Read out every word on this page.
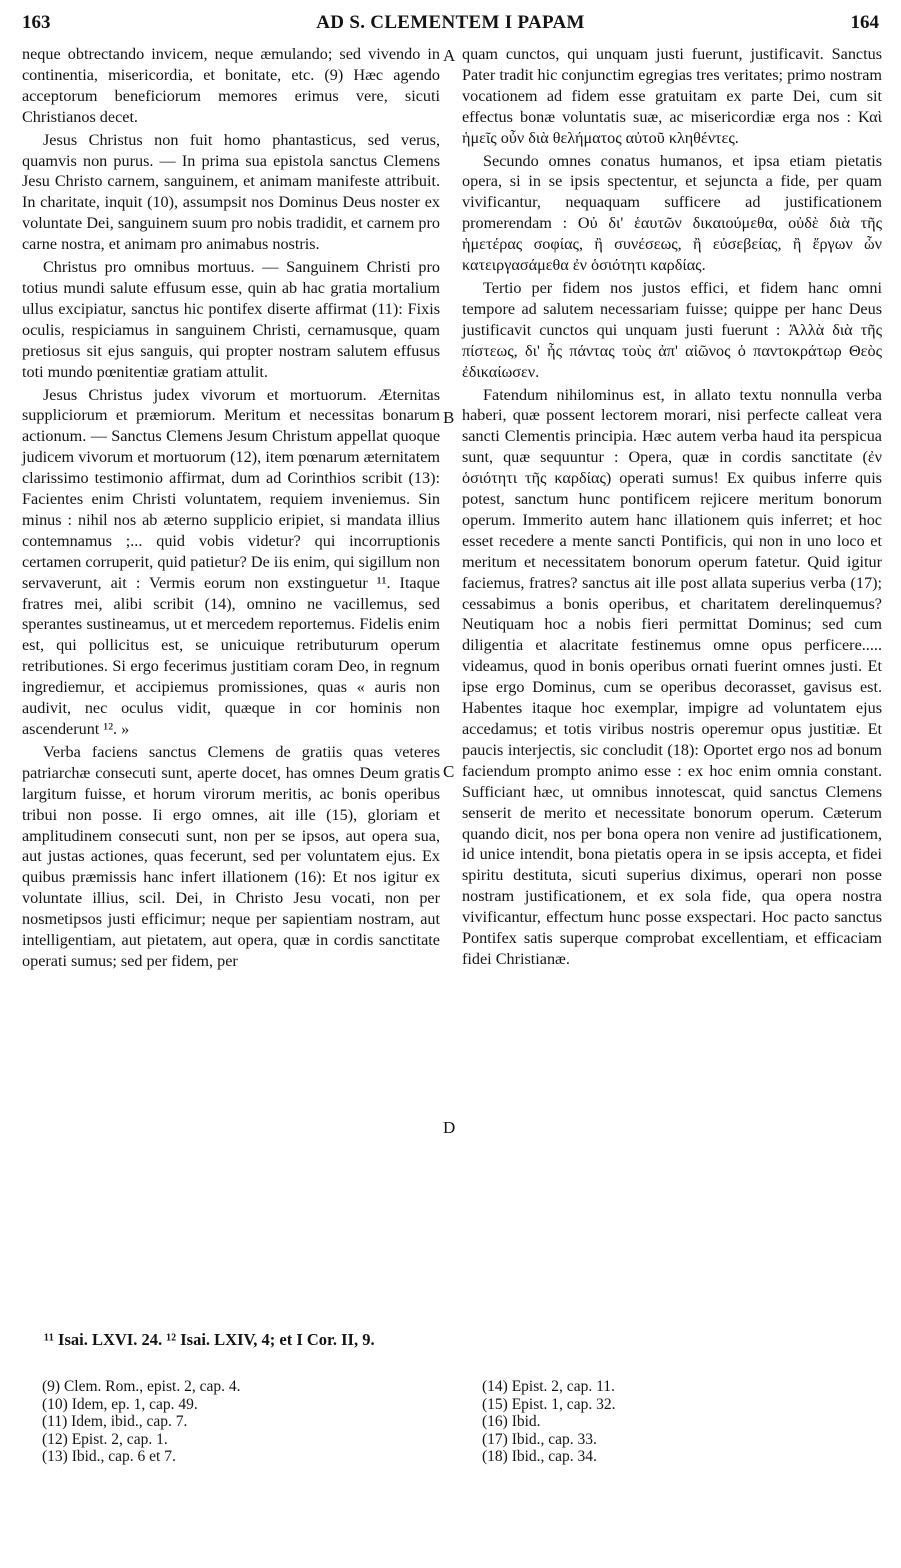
163	AD S. CLEMENTEM I PAPAM	164

neque obtrectando invicem, neque æmulando; sed vivendo in continentia, misericordia, et bonitate, etc. (9) Hæc agendo acceptorum beneficiorum memores erimus vere, sicuti Christianos decet.

Jesus Christus non fuit homo phantasticus, sed verus, quamvis non purus. — In prima sua epistola sanctus Clemens Jesu Christo carnem, sanguinem, et animam manifeste attribuit. In charitate, inquit (10), assumpsit nos Dominus Deus noster ex voluntate Dei, sanguinem suum pro nobis tradidit, et carnem pro carne nostra, et animam pro animabus nostris.

Christus pro omnibus mortuus. — Sanguinem Christi pro totius mundi salute effusum esse, quin ab hac gratia mortalium ullus excipiatur, sanctus hic pontifex diserte affirmat (11): Fixis oculis, respiciamus in sanguinem Christi, cernamusque, quam pretiosus sit ejus sanguis, qui propter nostram salutem effusus toti mundo pœnitentiæ gratiam attulit.

Jesus Christus judex vivorum et mortuorum. Æternitas suppliciorum et præmiorum. Meritum et necessitas bonarum actionum. — Sanctus Clemens Jesum Christum appellat quoque judicem vivorum et mortuorum (12), item pœnarum æternitatem clarissimo testimonio affirmat, dum ad Corinthios scribit (13): Facientes enim Christi voluntatem, requiem inveniemus. Sin minus : nihil nos ab æterno supplicio eripiet, si mandata illius contemnamus ;... quid vobis videtur? qui incorruptionis certamen corruperit, quid patietur? De iis enim, qui sigillum non servaverunt, ait : Vermis eorum non exstinguetur ¹¹. Itaque fratres mei, alibi scribit (14), omnino ne vacillemus, sed sperantes sustineamus, ut et mercedem reportemus. Fidelis enim est, qui pollicitus est, se unicuique retributurum operum retributiones. Si ergo fecerimus justitiam coram Deo, in regnum ingrediemur, et accipiemus promissiones, quas « auris non audivit, nec oculus vidit, quæque in cor hominis non ascenderunt ¹². »

Verba faciens sanctus Clemens de gratiis quas veteres patriarchæ consecuti sunt, aperte docet, has omnes Deum gratis largitum fuisse, et horum virorum meritis, ac bonis operibus tribui non posse. Ii ergo omnes, ait ille (15), gloriam et amplitudinem consecuti sunt, non per se ipsos, aut opera sua, aut justas actiones, quas fecerunt, sed per voluntatem ejus. Ex quibus præmissis hanc infert illationem (16): Et nos igitur ex voluntate illius, scil. Dei, in Christo Jesu vocati, non per nosmetipsos justi efficimur; neque per sapientiam nostram, aut intelligentiam, aut pietatem, aut opera, quæ in cordis sanctitate operati sumus; sed per fidem, per

A
B
C
D

quam cunctos, qui unquam justi fuerunt, justificavit. Sanctus Pater tradit hic conjunctim egregias tres veritates; primo nostram vocationem ad fidem esse gratuitam ex parte Dei, cum sit effectus bonæ voluntatis suæ, ac misericordiæ erga nos : Καὶ ἡμεῖς οὖν διὰ θελήματος αὐτοῦ κληθέντες.

Secundo omnes conatus humanos, et ipsa etiam pietatis opera, si in se ipsis spectentur, et sejuncta a fide, per quam vivificantur, nequaquam sufficere ad justificationem promerendam : Οὐ δι' ἑαυτῶν δικαιούμεθα, οὐδὲ διὰ τῆς ἡμετέρας σοφίας, ἢ συνέσεως, ἢ εὐσεβείας, ἢ ἔργων ὧν κατειργασάμεθα ἐν ὁσιότητι καρδίας.

Tertio per fidem nos justos effici, et fidem hanc omni tempore ad salutem necessariam fuisse; quippe per hanc Deus justificavit cunctos qui unquam justi fuerunt : Ἀλλὰ διὰ τῆς πίστεως, δι' ἧς πάντας τοὺς ἀπ' αἰῶνος ὁ παντοκράτωρ Θεὸς ἐδικαίωσεν.

Fatendum nihilominus est, in allato textu nonnulla verba haberi, quæ possent lectorem morari, nisi perfecte calleat vera sancti Clementis principia. Hæc autem verba haud ita perspicua sunt, quæ sequuntur : Opera, quæ in cordis sanctitate (ἐν ὁσιότητι τῆς καρδίας) operati sumus! Ex quibus inferre quis potest, sanctum hunc pontificem rejicere meritum bonorum operum. Immerito autem hanc illationem quis inferret; et hoc esset recedere a mente sancti Pontificis, qui non in uno loco et meritum et necessitatem bonorum operum fatetur. Quid igitur faciemus, fratres? sanctus ait ille post allata superius verba (17); cessabimus a bonis operibus, et charitatem derelinquemus? Neutiquam hoc a nobis fieri permittat Dominus; sed cum diligentia et alacritate festinemus omne opus perficere..... videamus, quod in bonis operibus ornati fuerint omnes justi. Et ipse ergo Dominus, cum se operibus decorasset, gavisus est. Habentes itaque hoc exemplar, impigre ad voluntatem ejus accedamus; et totis viribus nostris operemur opus justitiæ. Et paucis interjectis, sic concludit (18): Oportet ergo nos ad bonum faciendum prompto animo esse : ex hoc enim omnia constant. Sufficiant hæc, ut omnibus innotescat, quid sanctus Clemens senserit de merito et necessitate bonorum operum. Cæterum quando dicit, nos per bona opera non venire ad justificationem, id unice intendit, bona pietatis opera in se ipsis accepta, et fidei spiritu destituta, sicuti superius diximus, operari non posse nostram justificationem, et ex sola fide, qua opera nostra vivificantur, effectum hunc posse exspectari. Hoc pacto sanctus Pontifex satis superque comprobat excellentiam, et efficaciam fidei Christianæ.

¹¹ Isai. LXVI. 24. ¹² Isai. LXIV, 4; et I Cor. II, 9.
(9) Clem. Rom., epist. 2, cap. 4.
(10) Idem, ep. 1, cap. 49.
(11) Idem, ibid., cap. 7.
(12) Epist. 2, cap. 1.
(13) Ibid., cap. 6 et 7.
(14) Epist. 2, cap. 11.
(15) Epist. 1, cap. 32.
(16) Ibid.
(17) Ibid., cap. 33.
(18) Ibid., cap. 34.
